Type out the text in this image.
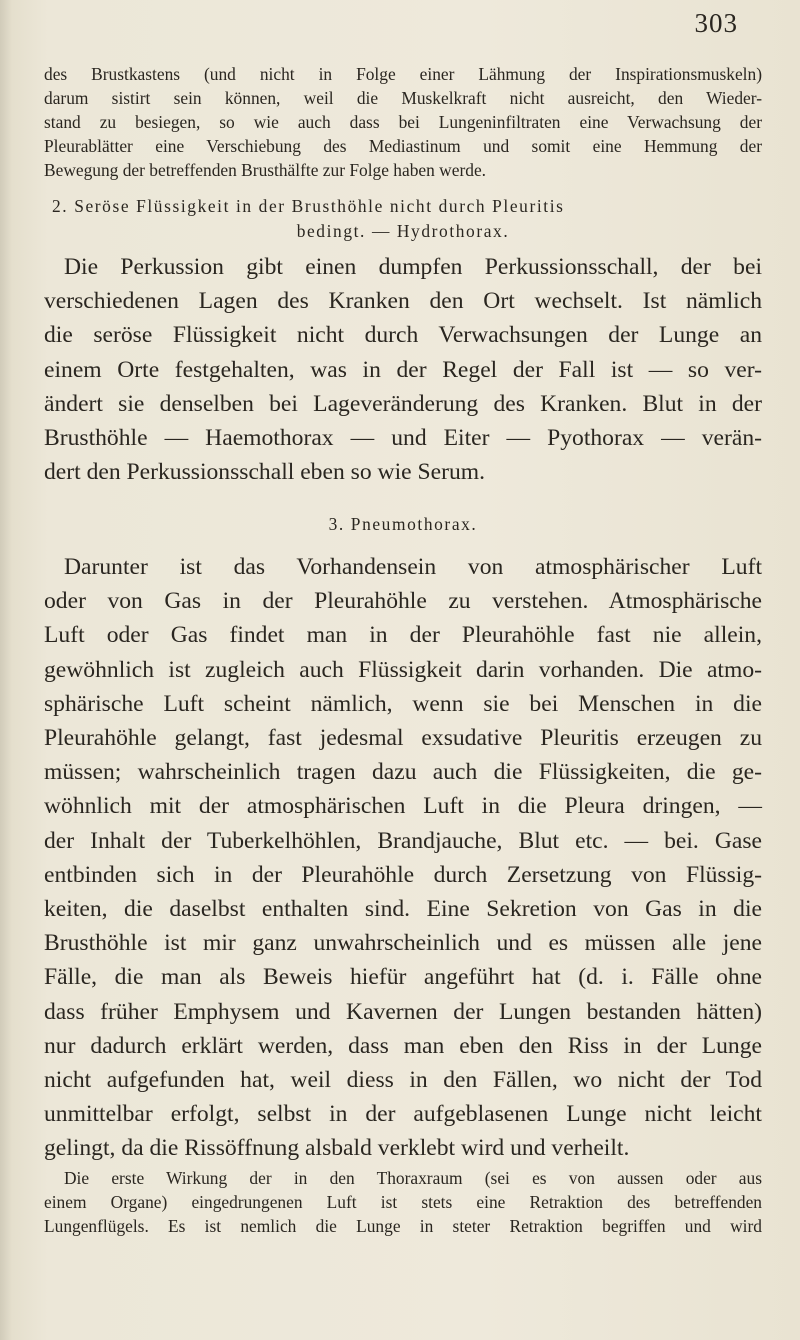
303

des Brustkastens (und nicht in Folge einer Lähmung der Inspirationsmuskeln)
darum sistirt sein können, weil die Muskelkraft nicht ausreicht, den Wieder-
stand zu besiegen, so wie auch dass bei Lungeninfiltraten eine Verwachsung der
Pleurablätter eine Verschiebung des Mediastinum und somit eine Hemmung der
Bewegung der betreffenden Brusthälfte zur Folge haben werde.

2. Seröse Flüssigkeit in der Brusthöhle nicht durch Pleuritis
bedingt. — Hydrothorax.

Die Perkussion gibt einen dumpfen Perkussionsschall, der bei
verschiedenen Lagen des Kranken den Ort wechselt. Ist nämlich
die seröse Flüssigkeit nicht durch Verwachsungen der Lunge an
einem Orte festgehalten, was in der Regel der Fall ist — so ver-
ändert sie denselben bei Lageveränderung des Kranken. Blut in der
Brusthöhle — Haemothorax — und Eiter — Pyothorax — verän-
dert den Perkussionsschall eben so wie Serum.

3. Pneumothorax.

Darunter ist das Vorhandensein von atmosphärischer Luft
oder von Gas in der Pleurahöhle zu verstehen. Atmosphärische
Luft oder Gas findet man in der Pleurahöhle fast nie allein,
gewöhnlich ist zugleich auch Flüssigkeit darin vorhanden. Die atmo-
sphärische Luft scheint nämlich, wenn sie bei Menschen in die
Pleurahöhle gelangt, fast jedesmal exsudative Pleuritis erzeugen zu
müssen; wahrscheinlich tragen dazu auch die Flüssigkeiten, die ge-
wöhnlich mit der atmosphärischen Luft in die Pleura dringen, —
der Inhalt der Tuberkelhöhlen, Brandjauche, Blut etc. — bei. Gase
entbinden sich in der Pleurahöhle durch Zersetzung von Flüssig-
keiten, die daselbst enthalten sind. Eine Sekretion von Gas in die
Brusthöhle ist mir ganz unwahrscheinlich und es müssen alle jene
Fälle, die man als Beweis hiefür angeführt hat (d. i. Fälle ohne
dass früher Emphysem und Kavernen der Lungen bestanden hätten)
nur dadurch erklärt werden, dass man eben den Riss in der Lunge
nicht aufgefunden hat, weil diess in den Fällen, wo nicht der Tod
unmittelbar erfolgt, selbst in der aufgeblasenen Lunge nicht leicht
gelingt, da die Rissöffnung alsbald verklebt wird und verheilt.

Die erste Wirkung der in den Thoraxraum (sei es von aussen oder aus
einem Organe) eingedrungenen Luft ist stets eine Retraktion des betreffenden
Lungenflügels. Es ist nemlich die Lunge in steter Retraktion begriffen und wird
